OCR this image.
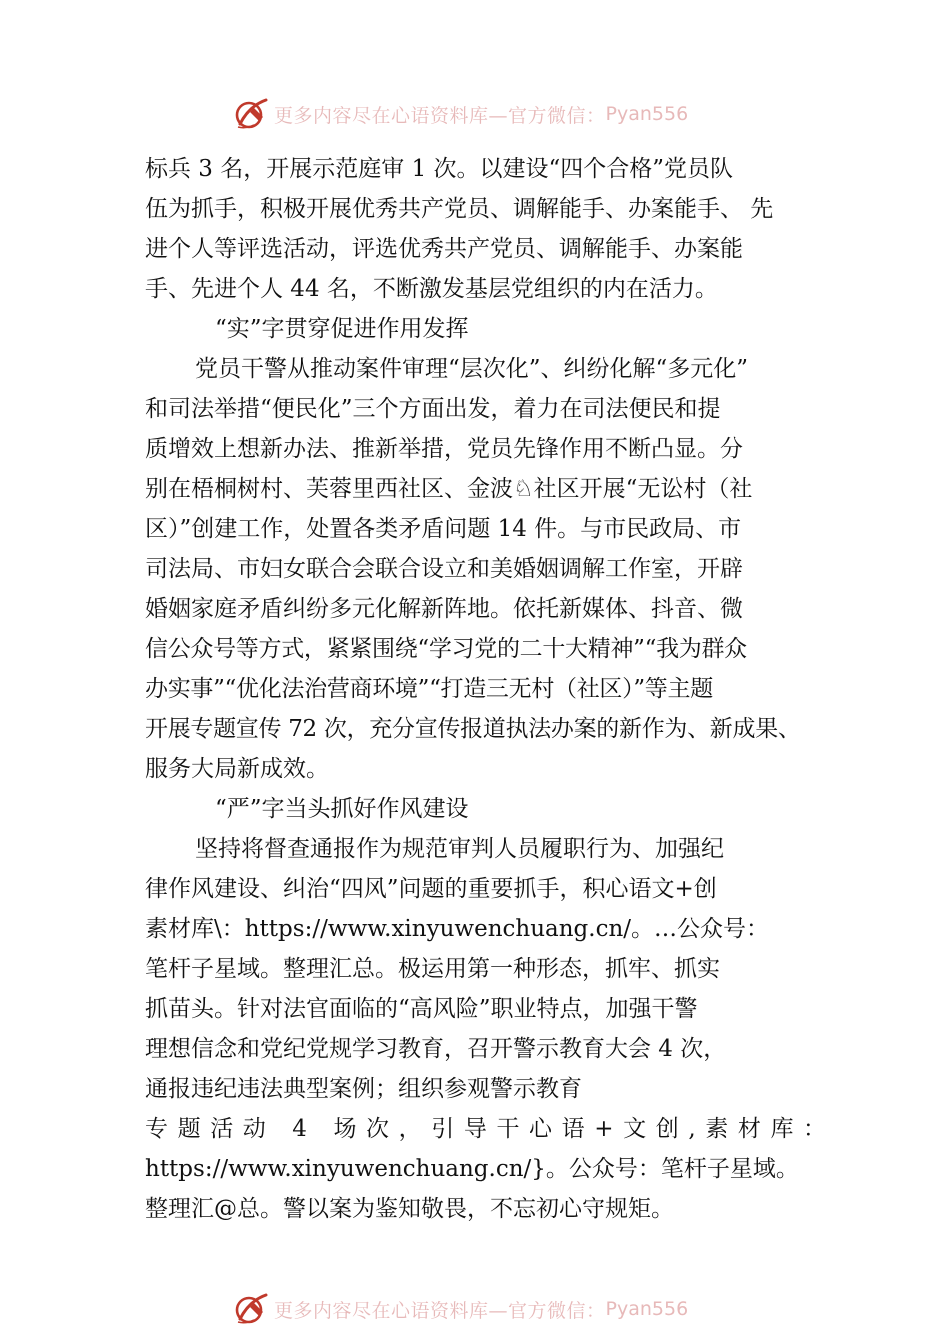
更多内容尽在心语资料库—官方微信： Pyan556
标兵 3 名，开展示范庭审 1 次。以建设“四个合格”党员队
伍为抓手，积极开展优秀共产党员、调解能手、办案能手、 先
进个人等评选活动，评选优秀共产党员、调解能手、办案能
手、先进个人 44 名，不断激发基层党组织的内在活力。
“实”字贯穿促进作用发挥
党员干警从推动案件审理“层次化”、纠纷化解“多元化”
和司法举措“便民化”三个方面出发，着力在司法便民和提
质增效上想新办法、推新举措，党员先锋作用不断凸显。分
别在梧桐树村、芙蓉里西社区、金波♘社区开展“无讼村（社
区）”创建工作，处置各类矛盾问题 14 件。与市民政局、市
司法局、市妇女联合会联合设立和美婚姻调解工作室，开辟
婚姻家庭矛盾纠纷多元化解新阵地。依托新媒体、抖音、微
信公众号等方式，紧紧围绕“学习党的二十大精神”“我为群众
办实事”“优化法治营商环境”“打造三无村（社区）”等主题
开展专题宣传 72 次，充分宣传报道执法办案的新作为、新成果、
服务大局新成效。
“严”字当头抓好作风建设
坚持将督查通报作为规范审判人员履职行为、加强纪
律作风建设、纠治“四风”问题的重要抓手，积心语文+创
素材库\：https://www.xinyuwenchuang.cn/。…公众号：
笔杆子星域。整理汇总。极运用第一种形态，抓牢、抓实
抓苗头。针对法官面临的“高风险”职业特点，加强干警
理想信念和党纪党规学习教育，召开警示教育大会 4 次，
通报违纪违法典型案例；组织参观警示教育
专题活动 4 场次，引导干心语+文创,素材库：
https://www.xinyuwenchuang.cn/}。公众号：笔杆子星域。
整理汇@总。警以案为鉴知敬畏，不忘初心守规矩。
更多内容尽在心语资料库—官方微信： Pyan556
